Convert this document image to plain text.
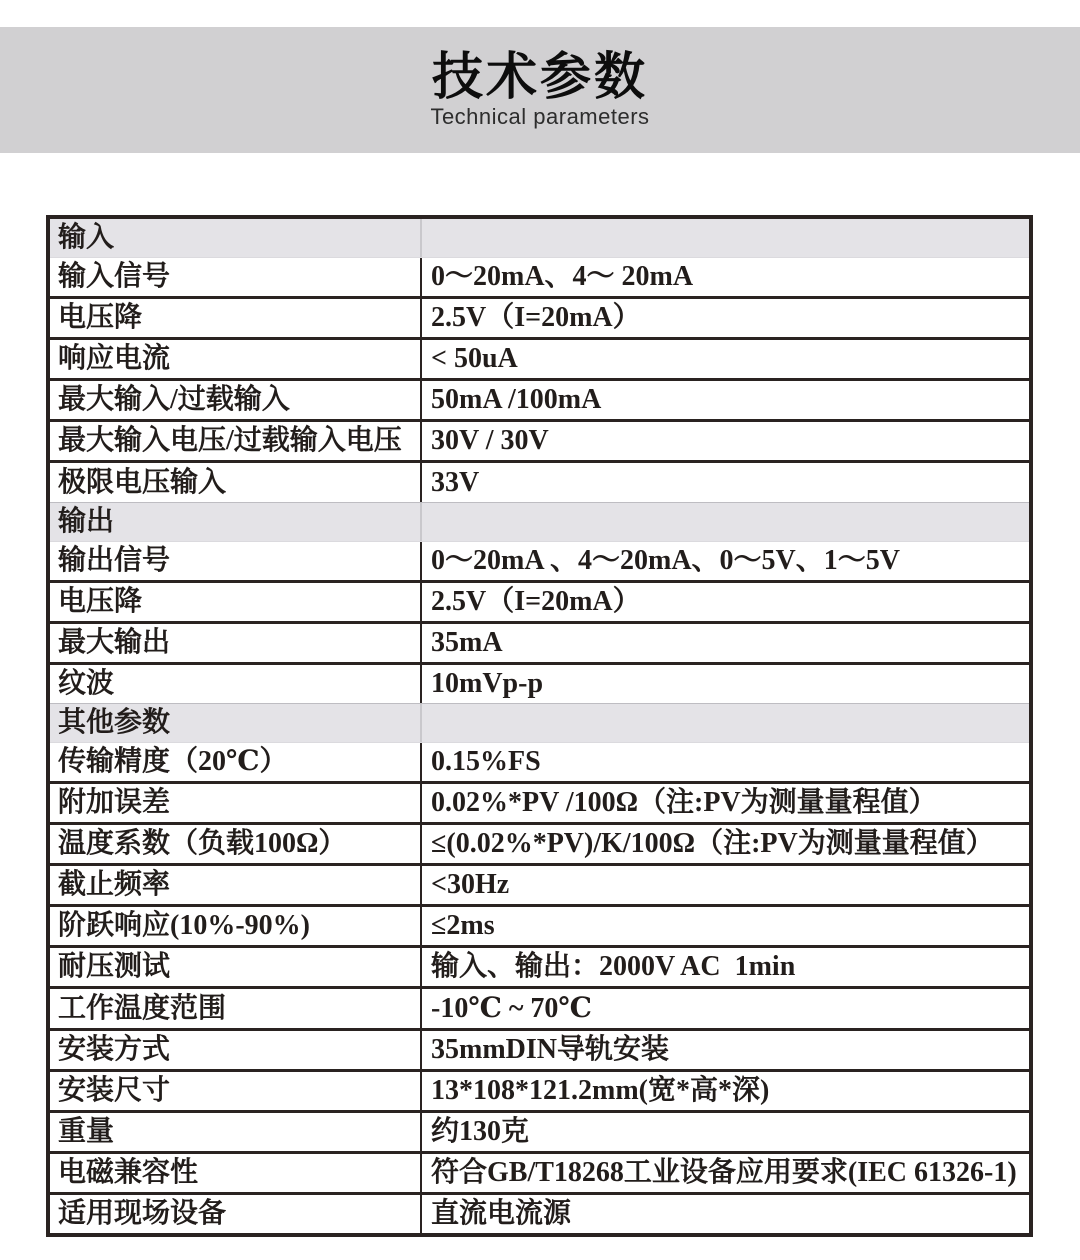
技术参数
Technical parameters
输入
输入信号	0～20mA、4～ 20mA
电压降	2.5V（I=20mA）
响应电流	< 50uA
最大输入/过载输入	50mA /100mA
最大输入电压/过载输入电压	30V / 30V
极限电压输入	33V
输出
输出信号	0～20mA 、4～20mA、0～5V、1～5V
电压降	2.5V（I=20mA）
最大输出	35mA
纹波	10mVp-p
其他参数
传输精度（20℃）	0.15%FS
附加误差	0.02%*PV /100Ω（注:PV为测量量程值）
温度系数（负载100Ω）	≤(0.02%*PV)/K/100Ω（注:PV为测量量程值）
截止频率	<30Hz
阶跃响应(10%-90%)	≤2ms
耐压测试	输入、输出：2000V AC  1min
工作温度范围	-10℃ ~ 70℃
安装方式	35mmDIN导轨安装
安装尺寸	13*108*121.2mm(宽*高*深)
重量	约130克
电磁兼容性	符合GB/T18268工业设备应用要求(IEC 61326-1)
适用现场设备	直流电流源
